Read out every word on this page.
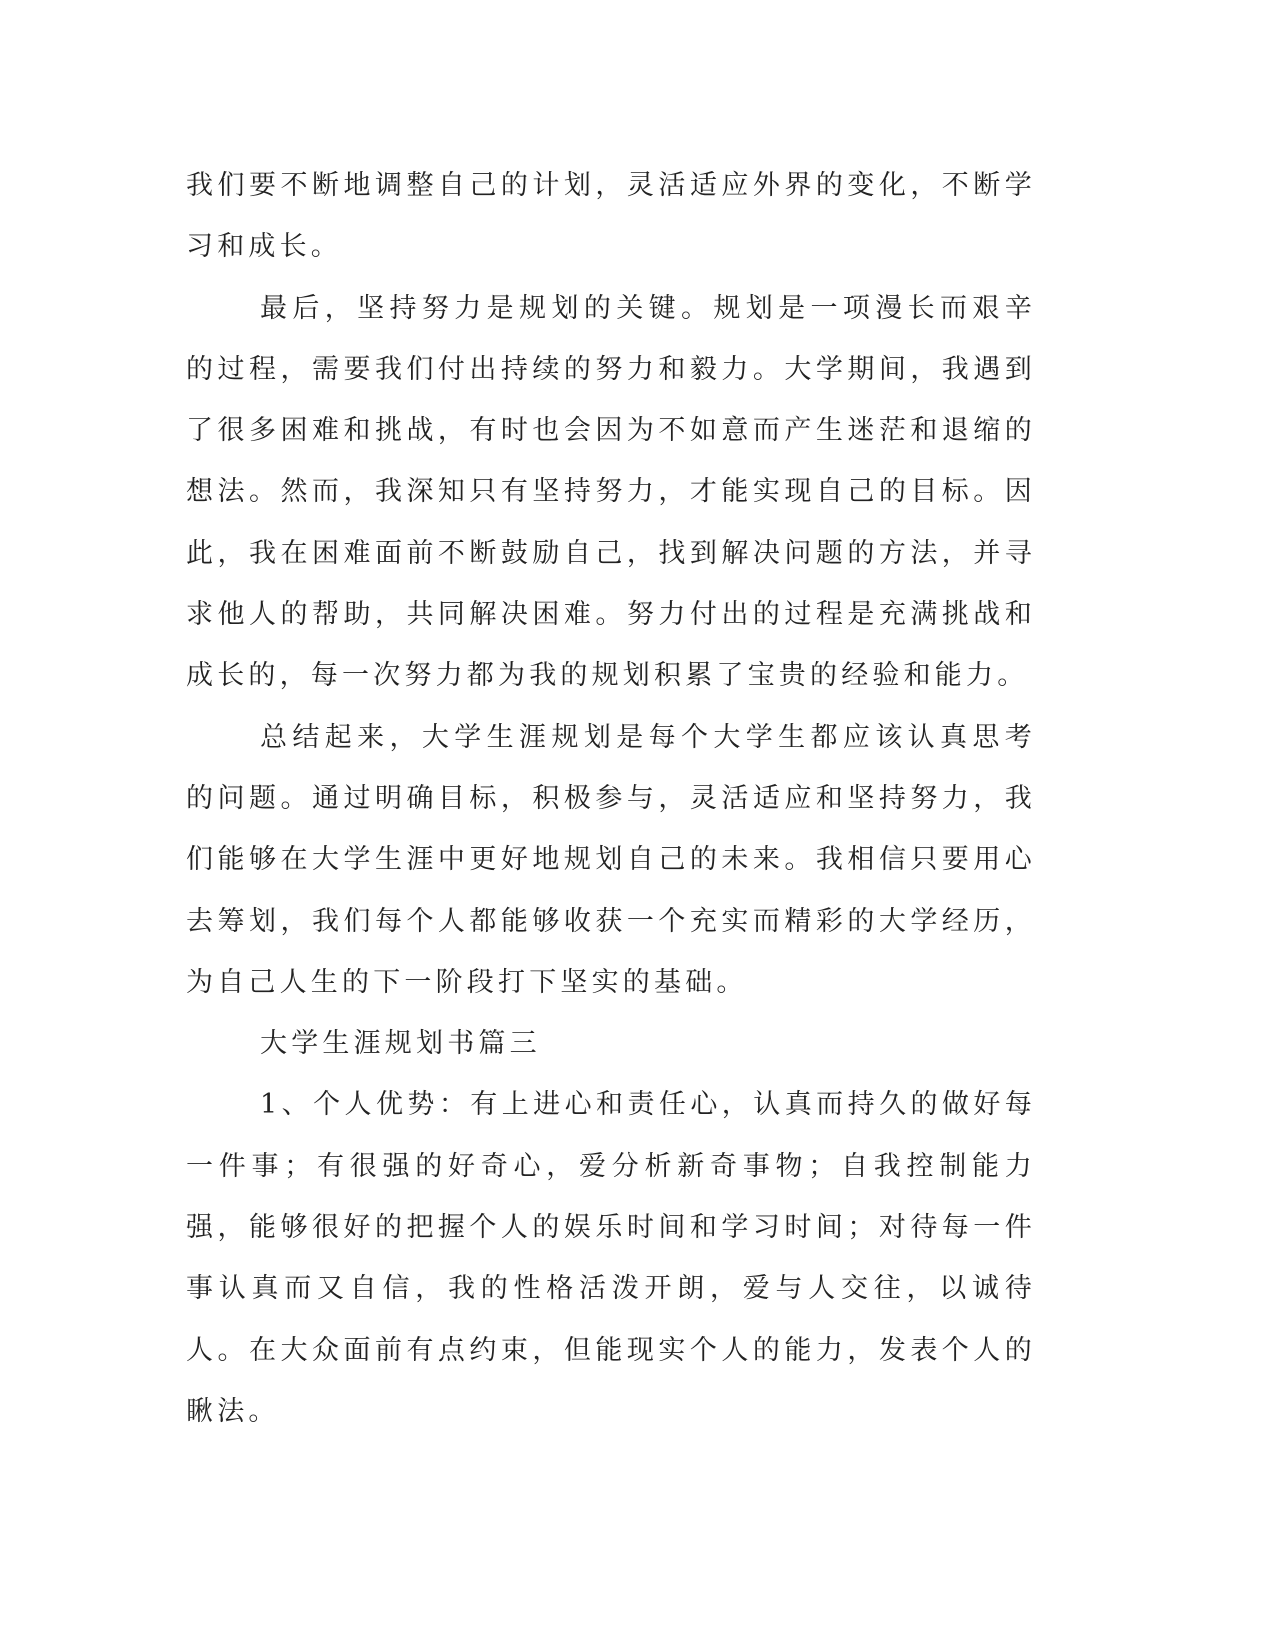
我们要不断地调整自己的计划，灵活适应外界的变化，不断学习和成长。

最后，坚持努力是规划的关键。规划是一项漫长而艰辛的过程，需要我们付出持续的努力和毅力。大学期间，我遇到了很多困难和挑战，有时也会因为不如意而产生迷茫和退缩的想法。然而，我深知只有坚持努力，才能实现自己的目标。因此，我在困难面前不断鼓励自己，找到解决问题的方法，并寻求他人的帮助，共同解决困难。努力付出的过程是充满挑战和成长的，每一次努力都为我的规划积累了宝贵的经验和能力。

总结起来，大学生涯规划是每个大学生都应该认真思考的问题。通过明确目标，积极参与，灵活适应和坚持努力，我们能够在大学生涯中更好地规划自己的未来。我相信只要用心去筹划，我们每个人都能够收获一个充实而精彩的大学经历，为自己人生的下一阶段打下坚实的基础。

大学生涯规划书篇三

1、个人优势：有上进心和责任心，认真而持久的做好每一件事；有很强的好奇心，爱分析新奇事物；自我控制能力强，能够很好的把握个人的娱乐时间和学习时间；对待每一件事认真而又自信，我的性格活泼开朗，爱与人交往，以诚待人。在大众面前有点约束，但能现实个人的能力，发表个人的瞅法。
